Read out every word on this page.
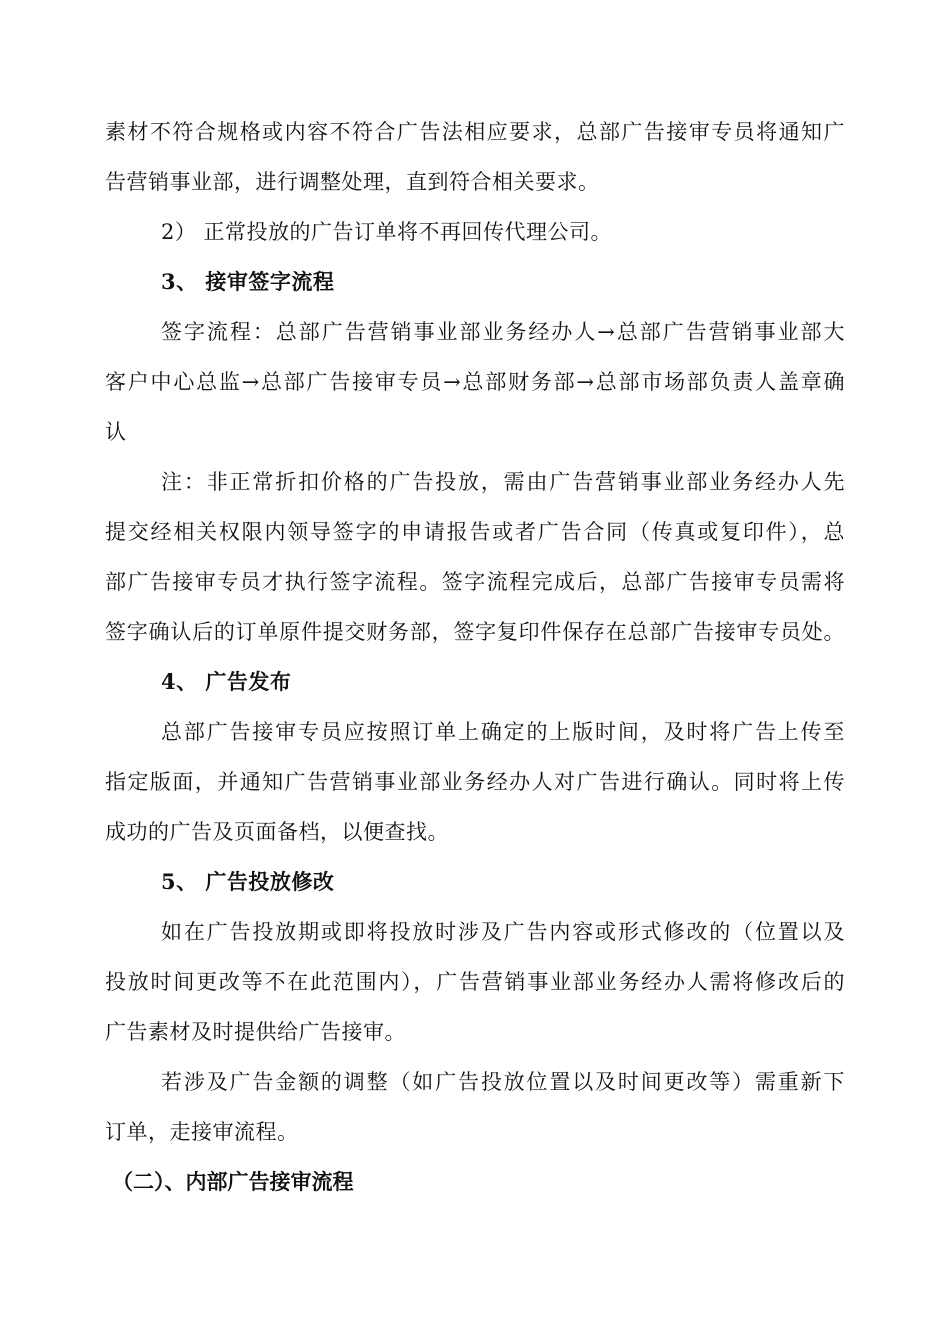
素材不符合规格或内容不符合广告法相应要求，总部广告接审专员将通知广
告营销事业部，进行调整处理，直到符合相关要求。
2） 正常投放的广告订单将不再回传代理公司。
3、 接审签字流程
签字流程：总部广告营销事业部业务经办人→总部广告营销事业部大
客户中心总监→总部广告接审专员→总部财务部→总部市场部负责人盖章确
认
注：非正常折扣价格的广告投放，需由广告营销事业部业务经办人先
提交经相关权限内领导签字的申请报告或者广告合同（传真或复印件），总
部广告接审专员才执行签字流程。签字流程完成后，总部广告接审专员需将
签字确认后的订单原件提交财务部，签字复印件保存在总部广告接审专员处。
4、 广告发布
总部广告接审专员应按照订单上确定的上版时间，及时将广告上传至
指定版面，并通知广告营销事业部业务经办人对广告进行确认。同时将上传
成功的广告及页面备档，以便查找。
5、 广告投放修改
如在广告投放期或即将投放时涉及广告内容或形式修改的（位置以及
投放时间更改等不在此范围内），广告营销事业部业务经办人需将修改后的
广告素材及时提供给广告接审。
若涉及广告金额的调整（如广告投放位置以及时间更改等）需重新下
订单，走接审流程。
（二）、内部广告接审流程
